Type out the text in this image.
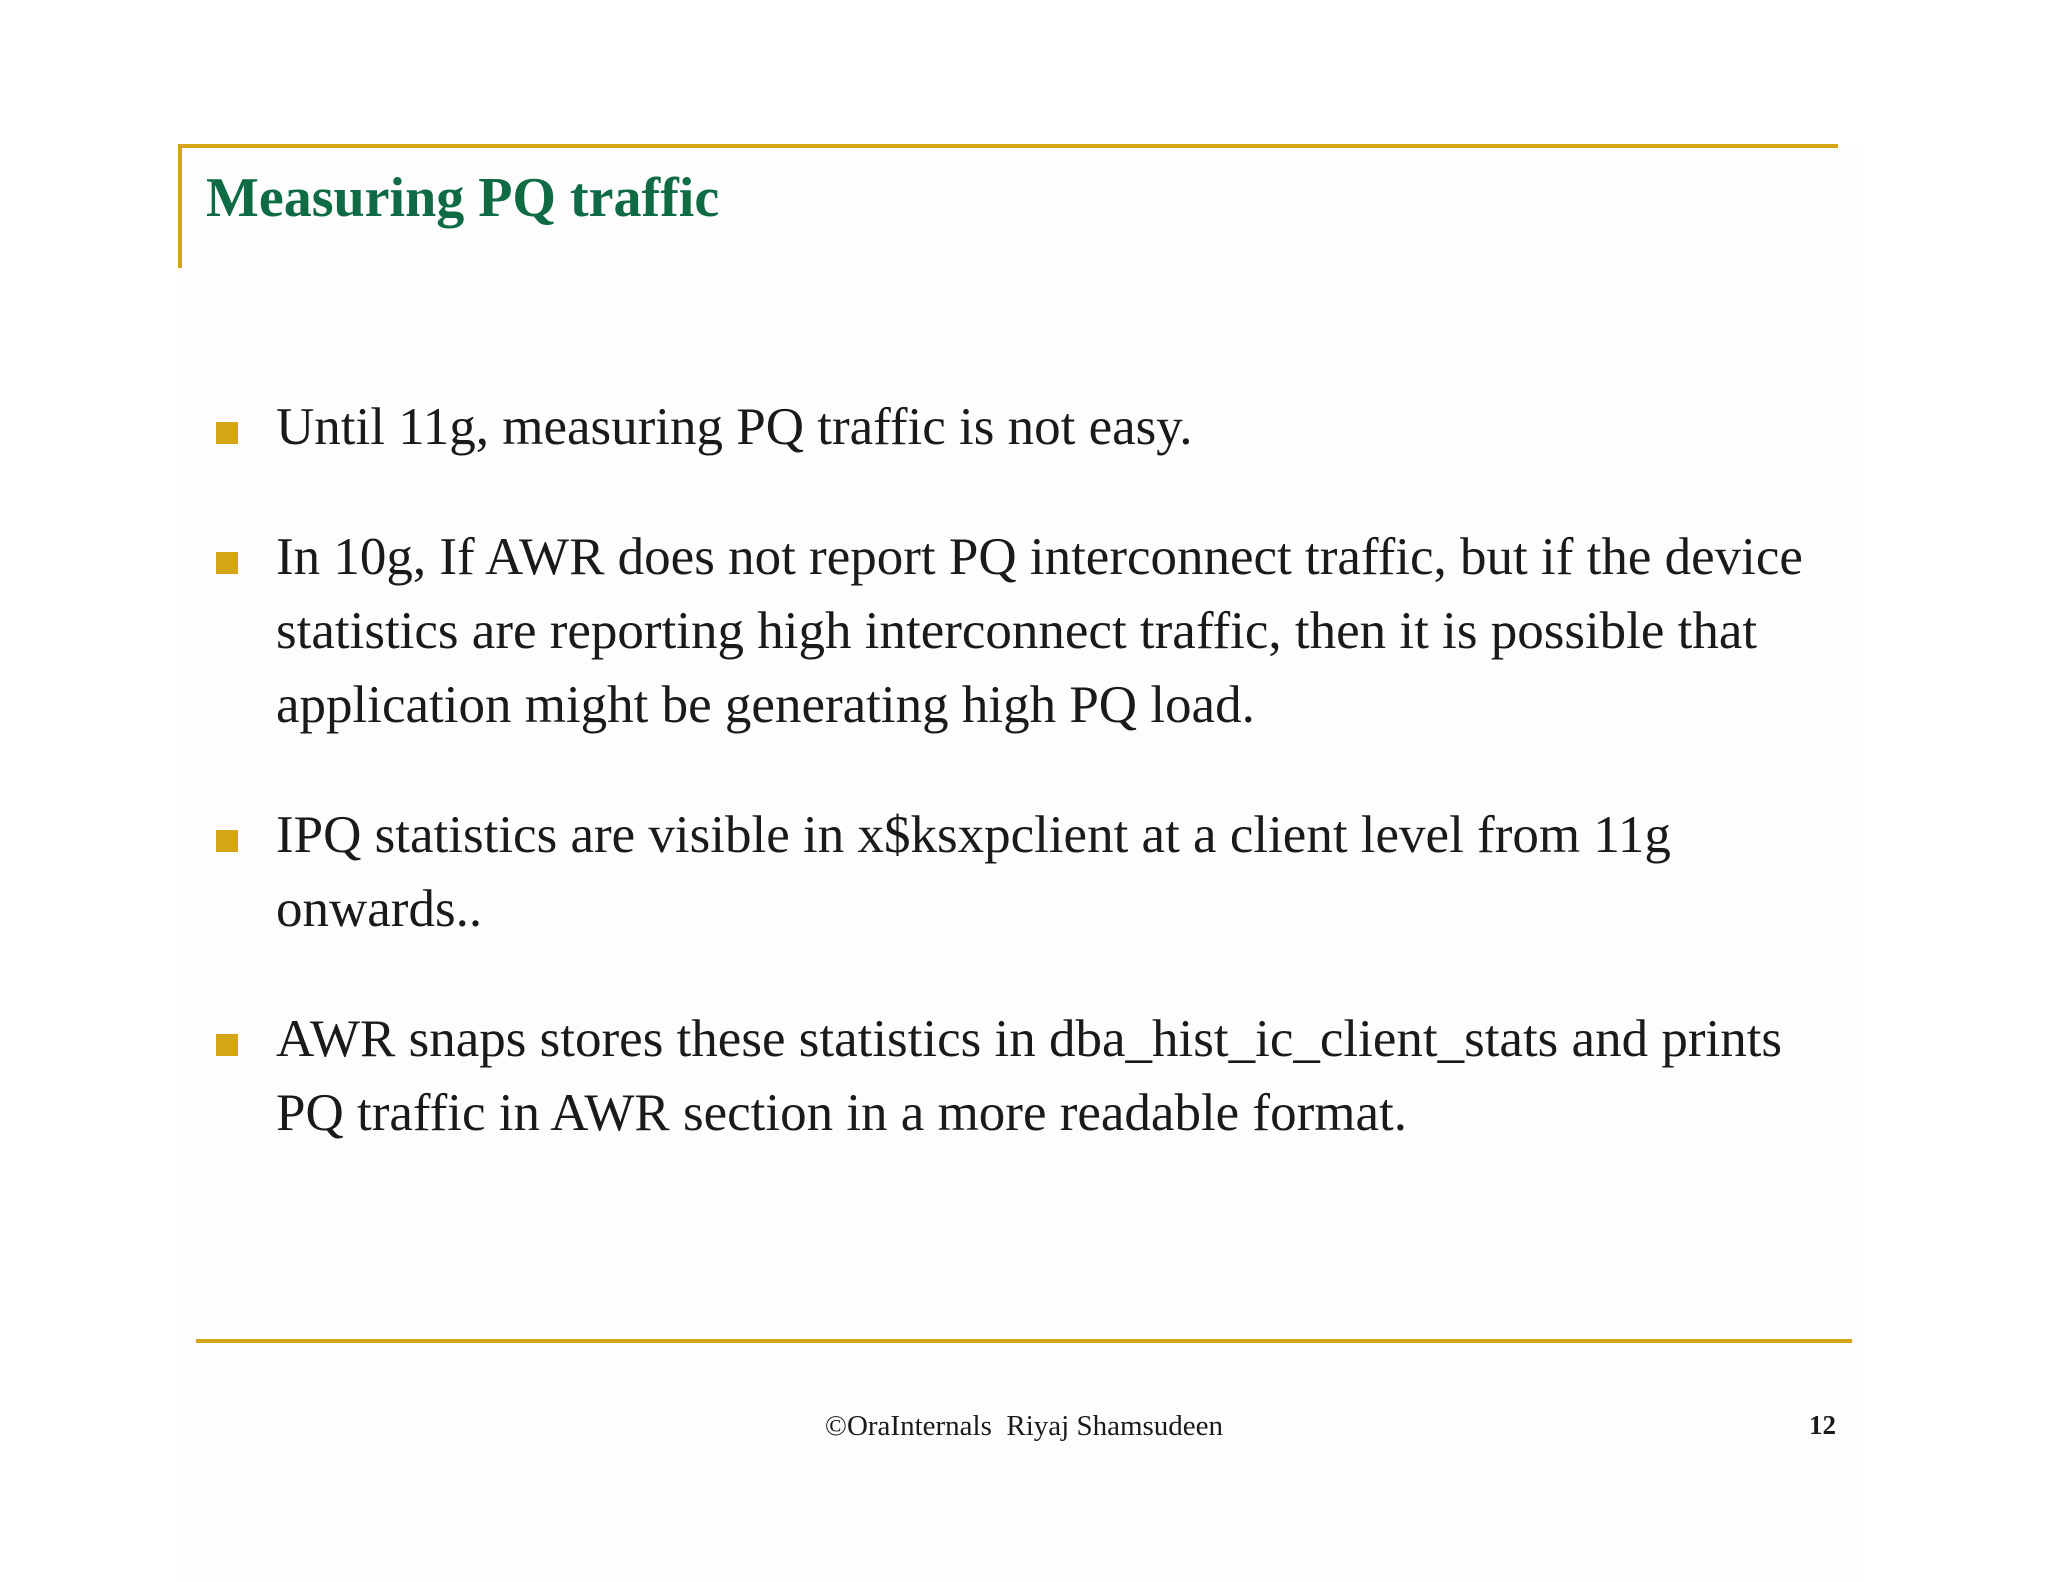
Measuring PQ traffic
Until 11g, measuring PQ traffic is not easy.
In 10g, If AWR does not report PQ interconnect traffic, but if the device statistics are reporting high interconnect traffic, then it is possible that application might be generating high PQ load.
IPQ statistics are visible in x$ksxpclient at a client level from 11g onwards..
AWR snaps stores these statistics in dba_hist_ic_client_stats and prints PQ traffic in AWR section in a more readable format.
©OraInternals  Riyaj Shamsudeen	12
